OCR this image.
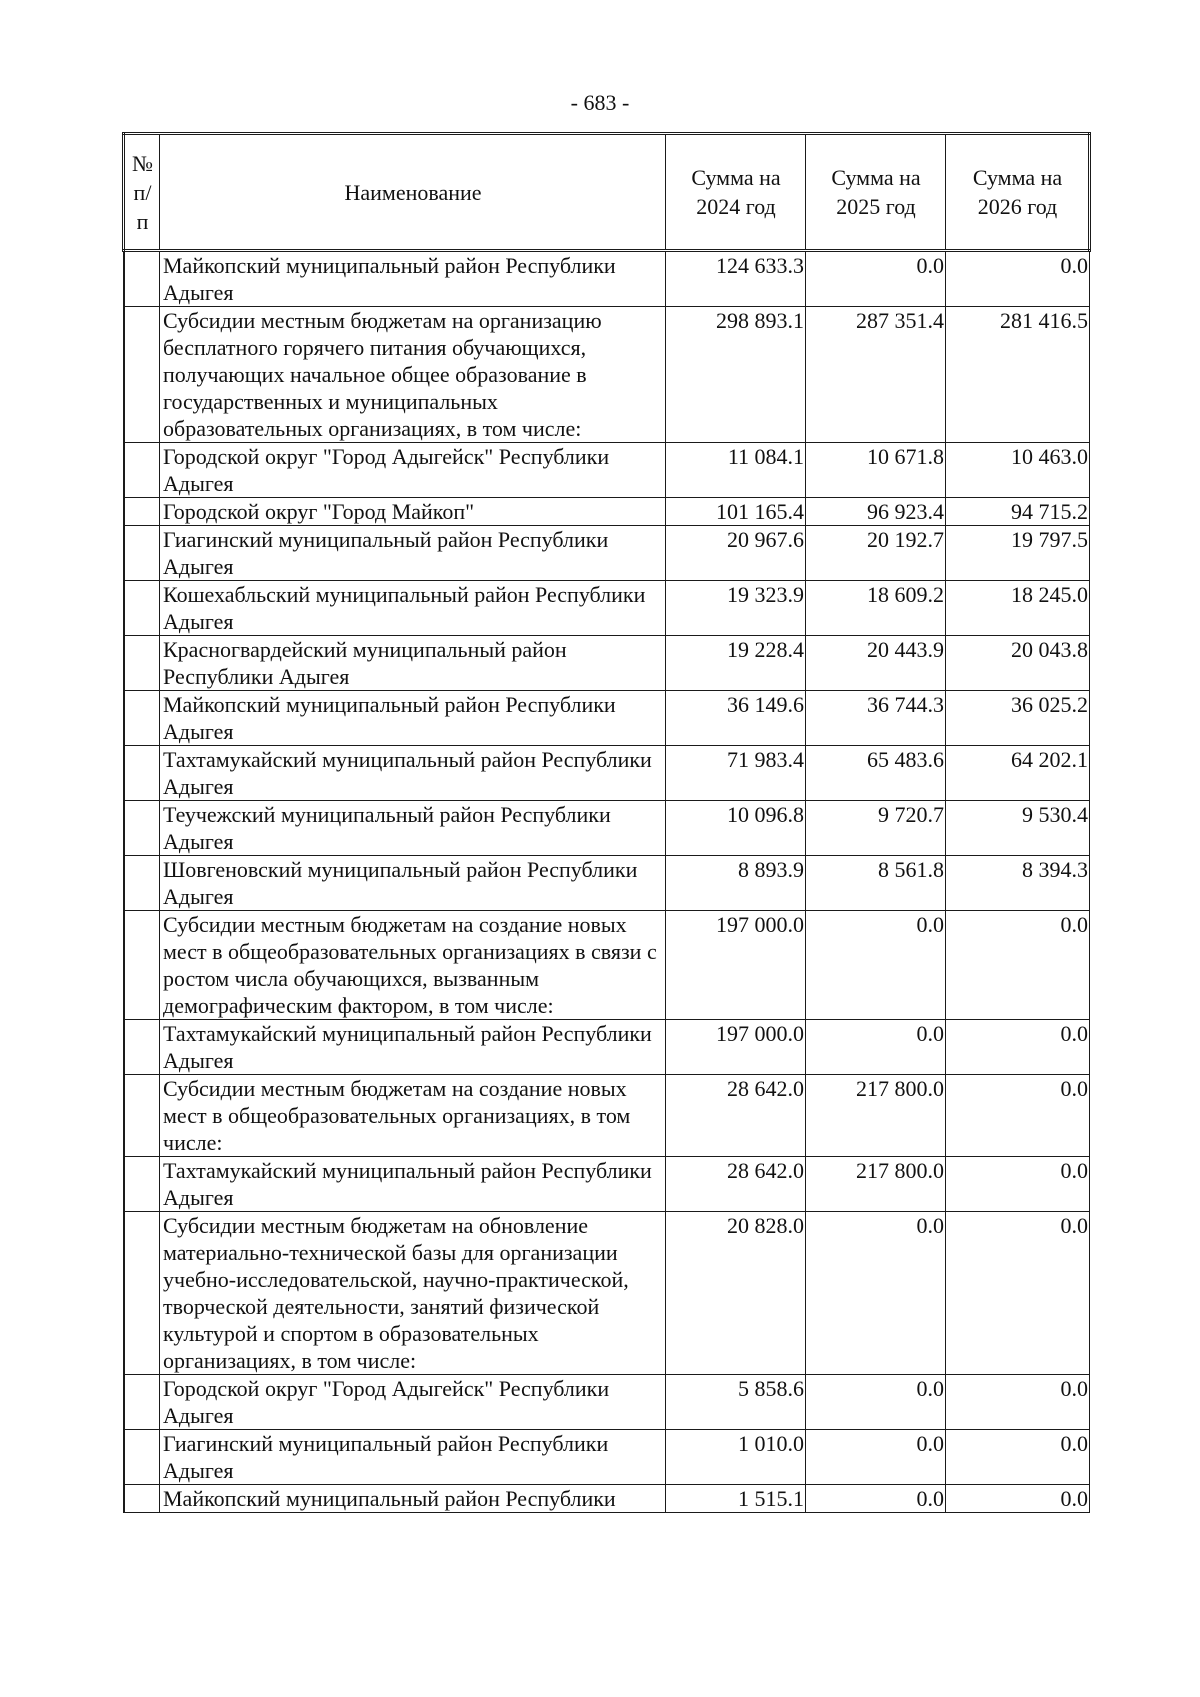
- 683 -
№ п/п	Наименование	Сумма на 2024 год	Сумма на 2025 год	Сумма на 2026 год
	Майкопский муниципальный район Республики Адыгея	124 633.3	0.0	0.0
	Субсидии местным бюджетам на организацию бесплатного горячего питания обучающихся, получающих начальное общее образование в государственных и муниципальных образовательных организациях, в том числе:	298 893.1	287 351.4	281 416.5
	Городской округ "Город Адыгейск" Республики Адыгея	11 084.1	10 671.8	10 463.0
	Городской округ "Город Майкоп"	101 165.4	96 923.4	94 715.2
	Гиагинский муниципальный район Республики Адыгея	20 967.6	20 192.7	19 797.5
	Кошехабльский муниципальный район Республики Адыгея	19 323.9	18 609.2	18 245.0
	Красногвардейский муниципальный район Республики Адыгея	19 228.4	20 443.9	20 043.8
	Майкопский муниципальный район Республики Адыгея	36 149.6	36 744.3	36 025.2
	Тахтамукайский муниципальный район Республики Адыгея	71 983.4	65 483.6	64 202.1
	Теучежский муниципальный район Республики Адыгея	10 096.8	9 720.7	9 530.4
	Шовгеновский муниципальный район Республики Адыгея	8 893.9	8 561.8	8 394.3
	Субсидии местным бюджетам на создание новых мест в общеобразовательных организациях в связи с ростом числа обучающихся, вызванным демографическим фактором, в том числе:	197 000.0	0.0	0.0
	Тахтамукайский муниципальный район Республики Адыгея	197 000.0	0.0	0.0
	Субсидии местным бюджетам на создание новых мест в общеобразовательных организациях, в том числе:	28 642.0	217 800.0	0.0
	Тахтамукайский муниципальный район Республики Адыгея	28 642.0	217 800.0	0.0
	Субсидии местным бюджетам на обновление материально-технической базы для организации учебно-исследовательской, научно-практической, творческой деятельности, занятий физической культурой и спортом в образовательных организациях, в том числе:	20 828.0	0.0	0.0
	Городской округ "Город Адыгейск" Республики Адыгея	5 858.6	0.0	0.0
	Гиагинский муниципальный район Республики Адыгея	1 010.0	0.0	0.0
	Майкопский муниципальный район Республики	1 515.1	0.0	0.0
